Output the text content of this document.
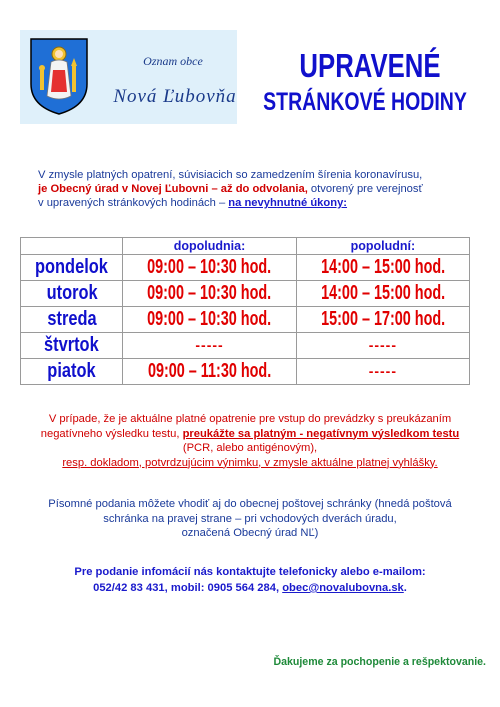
Oznam obce
Nová Ľubovňa
UPRAVENÉ
STRÁNKOVÉ HODINY
V zmysle platných opatrení, súvisiacich so zamedzením šírenia koronavírusu,
je Obecný úrad v Novej Ľubovni – až do odvolania, otvorený pre verejnosť
v upravených stránkových hodinách – na nevyhnutné úkony:
	dopoludnia:	popoludní:
pondelok	09:00 – 10:30 hod.	14:00 – 15:00 hod.
utorok	09:00 – 10:30 hod.	14:00 – 15:00 hod.
streda	09:00 – 10:30 hod.	15:00 – 17:00 hod.
štvrtok	-----	-----
piatok	09:00 – 11:30 hod.	-----
V prípade, že je aktuálne platné opatrenie pre vstup do prevádzky s preukázaním
negatívneho výsledku testu, preukážte sa platným - negatívnym výsledkom testu
(PCR, alebo antigénovým),
resp. dokladom, potvrdzujúcim výnimku, v zmysle aktuálne platnej vyhlášky.
Písomné podania môžete vhodiť aj do obecnej poštovej schránky (hnedá poštová
schránka na pravej strane – pri vchodových dverách úradu,
označená Obecný úrad NĽ)
Pre podanie infomácií nás kontaktujte telefonicky alebo e-mailom:
052/42 83 431, mobil: 0905 564 284, obec@novalubovna.sk.
Ďakujeme za pochopenie a rešpektovanie.
